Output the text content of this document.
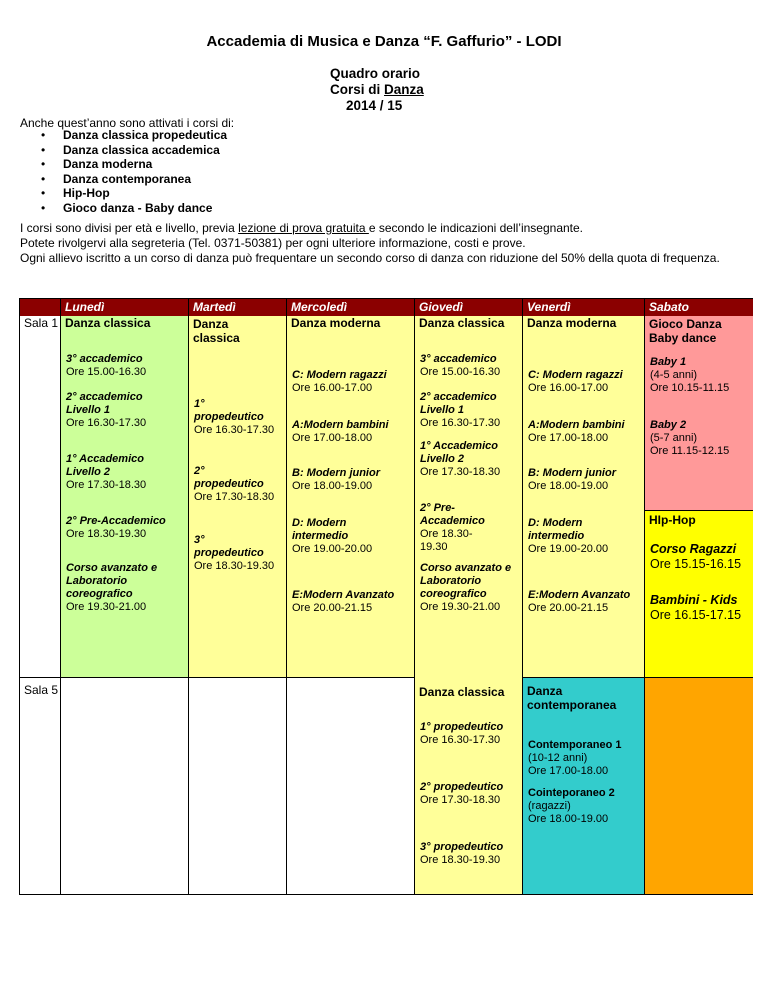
Accademia di Musica e Danza “F. Gaffurio” - LODI
Quadro orario
Corsi di Danza
2014 / 15
Anche quest’anno sono attivati i corsi di:
• Danza classica propedeutica
• Danza classica accademica
• Danza moderna
• Danza contemporanea
• Hip-Hop
• Gioco danza - Baby dance
I corsi sono divisi per età e livello, previa lezione di prova gratuita e secondo le indicazioni dell’insegnante.
Potete rivolgervi alla segreteria (Tel. 0371-50381) per ogni ulteriore informazione, costi e prove.
Ogni allievo iscritto a un corso di danza può frequentare un secondo corso di danza con riduzione del 50% della quota di frequenza.
Sala 1
Sala 5
Lunedì
Danza classica
3° accademico
Ore 15.00-16.30
2° accademico Livello 1
Ore 16.30-17.30
1° Accademico Livello 2
Ore 17.30-18.30
2° Pre-Accademico
Ore 18.30-19.30
Corso avanzato e Laboratorio coreografico
Ore 19.30-21.00
Martedì
Danza classica
1° propedeutico
Ore 16.30-17.30
2° propedeutico
Ore 17.30-18.30
3° propedeutico
Ore 18.30-19.30
Mercoledì
Danza moderna
C: Modern ragazzi
Ore 16.00-17.00
A:Modern bambini
Ore 17.00-18.00
B: Modern junior
Ore 18.00-19.00
D: Modern intermedio
Ore 19.00-20.00
E:Modern Avanzato
Ore 20.00-21.15
Giovedì
Danza classica
3° accademico
Ore 15.00-16.30
2° accademico Livello 1
Ore 16.30-17.30
1° Accademico Livello 2
Ore 17.30-18.30
2° Pre-Accademico
Ore 18.30-19.30
Corso avanzato e Laboratorio coreografico
Ore 19.30-21.00
Danza classica
1° propedeutico
Ore 16.30-17.30
2° propedeutico
Ore 17.30-18.30
3° propedeutico
Ore 18.30-19.30
Venerdì
Danza moderna
C: Modern ragazzi
Ore 16.00-17.00
A:Modern bambini
Ore 17.00-18.00
B: Modern junior
Ore 18.00-19.00
D: Modern intermedio
Ore 19.00-20.00
E:Modern Avanzato
Ore 20.00-21.15
Danza contemporanea
Contemporaneo 1
(10-12 anni)
Ore 17.00-18.00
Cointeporaneo 2
(ragazzi)
Ore 18.00-19.00
Sabato
Gioco Danza Baby dance
Baby 1
(4-5 anni)
Ore 10.15-11.15
Baby 2
(5-7 anni)
Ore 11.15-12.15
HIp-Hop
Corso Ragazzi
Ore 15.15-16.15
Bambini - Kids
Ore 16.15-17.15
